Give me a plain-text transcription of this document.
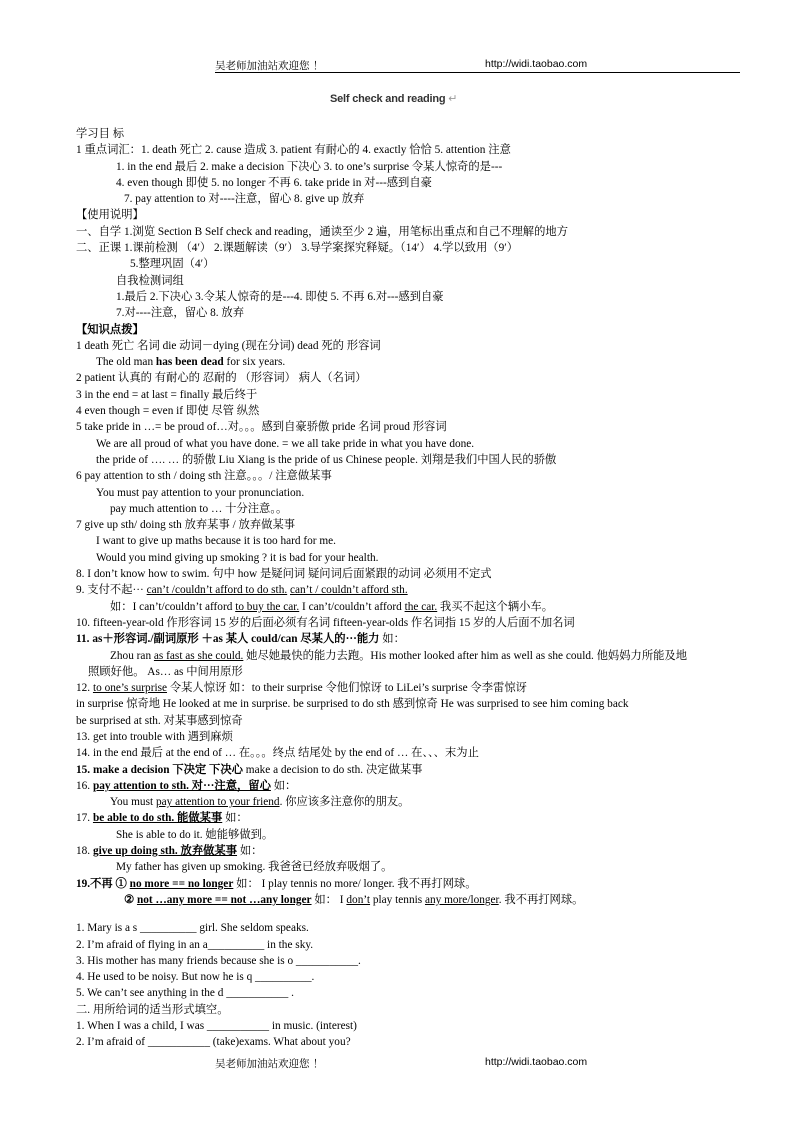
吴老师加油站欢迎您 ！	http://widi.taobao.com
Self check and reading ↵
学习目 标
1 重点词汇：1. death 死亡 2. cause 造成 3. patient 有耐心的 4. exactly 恰恰 5. attention 注意
1. in the end 最后 2. make a decision 下决心 3. to one’s surprise 令某人惊奇的是---
4. even though 即使 5. no longer 不再 6. take pride in 对---感到自豪
7. pay attention to 对----注意，留心 8. give up 放弃
【使用说明】
一、自学 1.浏览 Section B Self check and reading，通读至少 2 遍，用笔标出重点和自己不理解的地方
二、正课 1.课前检测 （4′） 2.课题解读（9′） 3.导学案探究释疑。（14′） 4.学以致用（9′）
5.整理巩固（4′）
自我检测词组
1.最后 2.下决心 3.令某人惊奇的是---4. 即使 5. 不再 6.对---感到自豪
7.对----注意，留心 8. 放弃
【知识点拨】
1 death 死亡 名词 die 动词－dying (现在分词) dead 死的 形容词
The old man has been dead for six years.
2 patient 认真的 有耐心的 忍耐的 （形容词） 病人（名词）
3 in the end = at last = finally 最后终于
4 even though = even if 即使 尽管 纵然
5 take pride in …= be proud of…对。。。感到自豪骄傲 pride 名词 proud 形容词
We are all proud of what you have done. = we all take pride in what you have done.
the pride of …. … 的骄傲 Liu Xiang is the pride of us Chinese people. 刘翔是我们中国人民的骄傲
6 pay attention to sth / doing sth 注意。。。/ 注意做某事
You must pay attention to your pronunciation.
pay much attention to … 十分注意。。
7 give up sth/ doing sth 放弃某事 / 放弃做某事
I want to give up maths because it is too hard for me.
Would you mind giving up smoking ? it is bad for your health.
8. I don’t know how to swim. 句中 how 是疑问词 疑问词后面紧跟的动词 必须用不定式
9. 支付不起··· can’t /couldn’t afford to do sth. can’t / couldn’t afford sth.
如：I can’t/couldn’t afford to buy the car. I can’t/couldn’t afford the car. 我买不起这个辆小车。
10. fifteen-year-old 作形容词 15 岁的后面必须有名词 fifteen-year-olds 作名词指 15 岁的人后面不加名词
11. as＋形容词./副词原形 ＋as 某人 could/can 尽某人的···能力 如：
Zhou ran as fast as she could. 她尽她最快的能力去跑。His mother looked after him as well as she could. 他妈妈力所能及地
照顾好他。 As… as 中间用原形
12. to one’s surprise 令某人惊讶 如：to their surprise 令他们惊讶 to LiLei’s surprise 令李雷惊讶
in surprise 惊奇地 He looked at me in surprise. be surprised to do sth 感到惊奇 He was surprised to see him coming back
be surprised at sth. 对某事感到惊奇
13. get into trouble with 遇到麻烦
14. in the end 最后 at the end of … 在。。。终点 结尾处 by the end of … 在、、、末为止
15. make a decision 下决定 下决心 make a decision to do sth. 决定做某事
16. pay attention to sth. 对···注意，留心 如：
You must pay attention to your friend. 你应该多注意你的朋友。
17. be able to do sth. 能做某事 如：
She is able to do it. 她能够做到。
18. give up doing sth. 放弃做某事 如：
My father has given up smoking. 我爸爸已经放弃吸烟了。
19.不再 ① no more == no longer 如： I play tennis no more/ longer. 我不再打网球。
② not …any more == not …any longer 如： I don’t play tennis any more/longer. 我不再打网球。
1. Mary is a s __________ girl. She seldom speaks.
2. I’m afraid of flying in an a__________ in the sky.
3. His mother has many friends because she is o ___________.
4. He used to be noisy. But now he is q __________.
5. We can’t see anything in the d ___________ .
二. 用所给词的适当形式填空。
1. When I was a child, I was ___________ in music. (interest)
2. I’m afraid of ___________ (take)exams. What about you?
吴老师加油站欢迎您 ！	http://widi.taobao.com
